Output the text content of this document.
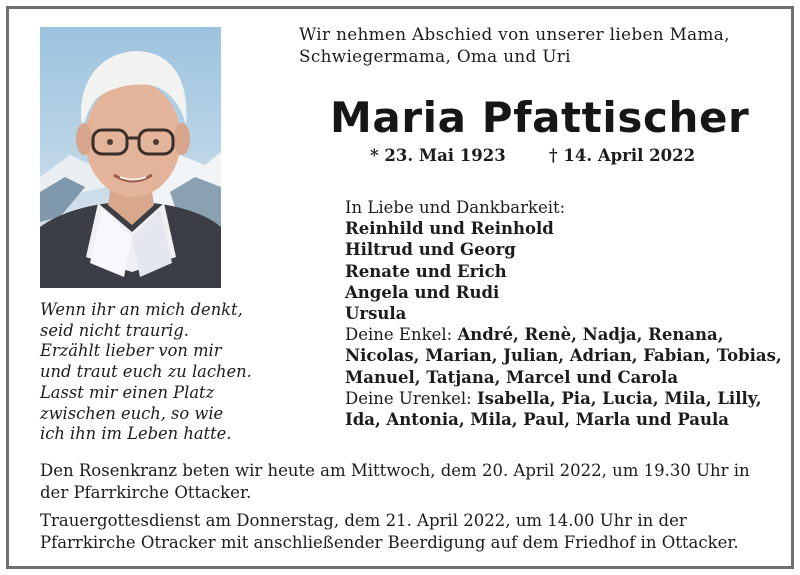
Wenn ihr an mich denkt,
seid nicht traurig.
Erzählt lieber von mir
und traut euch zu lachen.
Lasst mir einen Platz
zwischen euch, so wie
ich ihn im Leben hatte.
Wir nehmen Abschied von unserer lieben Mama,
Schwiegermama, Oma und Uri
Maria Pfattischer
* 23. Mai 1923	† 14. April 2022
In Liebe und Dankbarkeit:
Reinhild und Reinhold
Hiltrud und Georg
Renate und Erich
Angela und Rudi
Ursula
Deine Enkel: André, Renè, Nadja, Renana,
Nicolas, Marian, Julian, Adrian, Fabian, Tobias,
Manuel, Tatjana, Marcel und Carola
Deine Urenkel: Isabella, Pia, Lucia, Mila, Lilly,
Ida, Antonia, Mila, Paul, Marla und Paula

Den Rosenkranz beten wir heute am Mittwoch, dem 20. April 2022, um 19.30 Uhr in der Pfarrkirche Ottacker.

Trauergottesdienst am Donnerstag, dem 21. April 2022, um 14.00 Uhr in der Pfarrkirche Otracker mit anschließender Beerdigung auf dem Friedhof in Ottacker.
